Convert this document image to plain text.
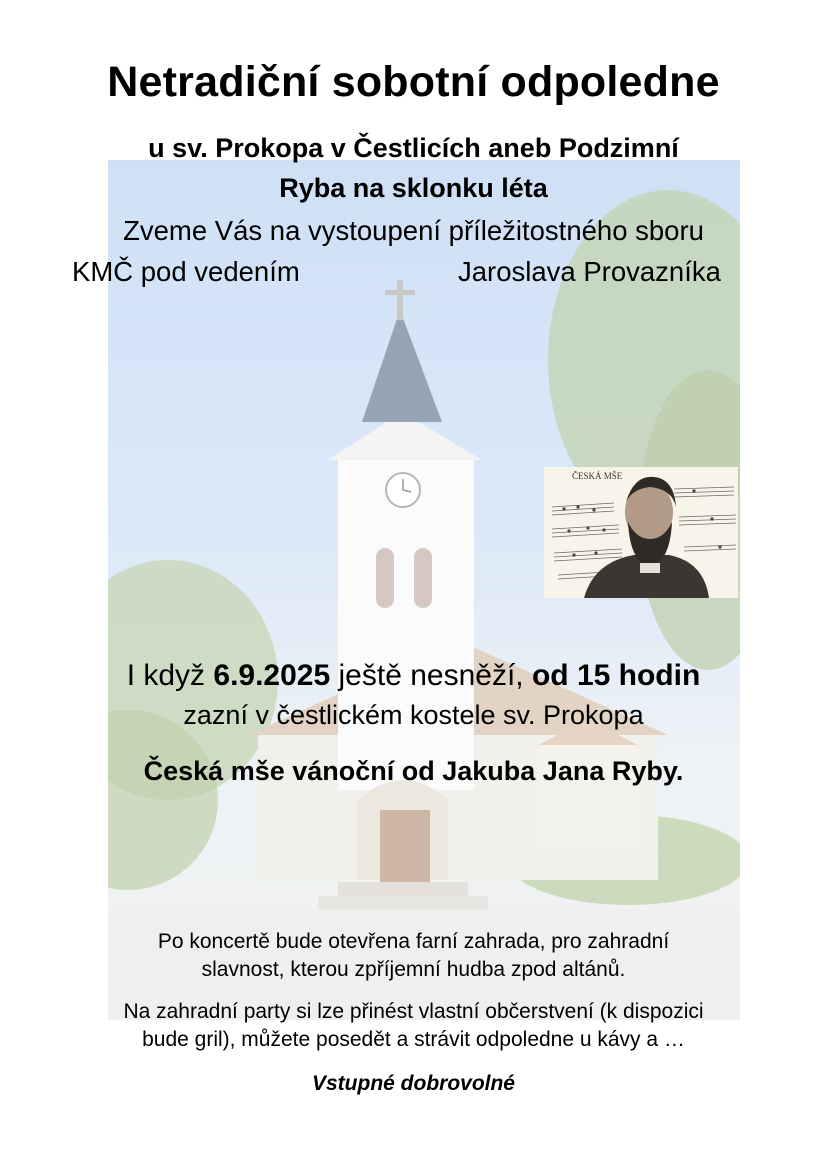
Netradiční sobotní odpoledne
u sv. Prokopa v Čestlicích aneb Podzimní
Ryba na sklonku léta
Zveme Vás na vystoupení příležitostného sboru
KMČ pod vedením	Jaroslava Provazníka
ČESKÁ MŠE
I když 6.9.2025 ještě nesněží, od 15 hodin
zazní v čestlickém kostele sv. Prokopa
Česká mše vánoční od Jakuba Jana Ryby.
Po koncertě bude otevřena farní zahrada, pro zahradní
slavnost, kterou zpříjemní hudba zpod altánů.
Na zahradní party si lze přinést vlastní občerstvení (k dispozici
bude gril), můžete posedět a strávit odpoledne u kávy a …
Vstupné dobrovolné
